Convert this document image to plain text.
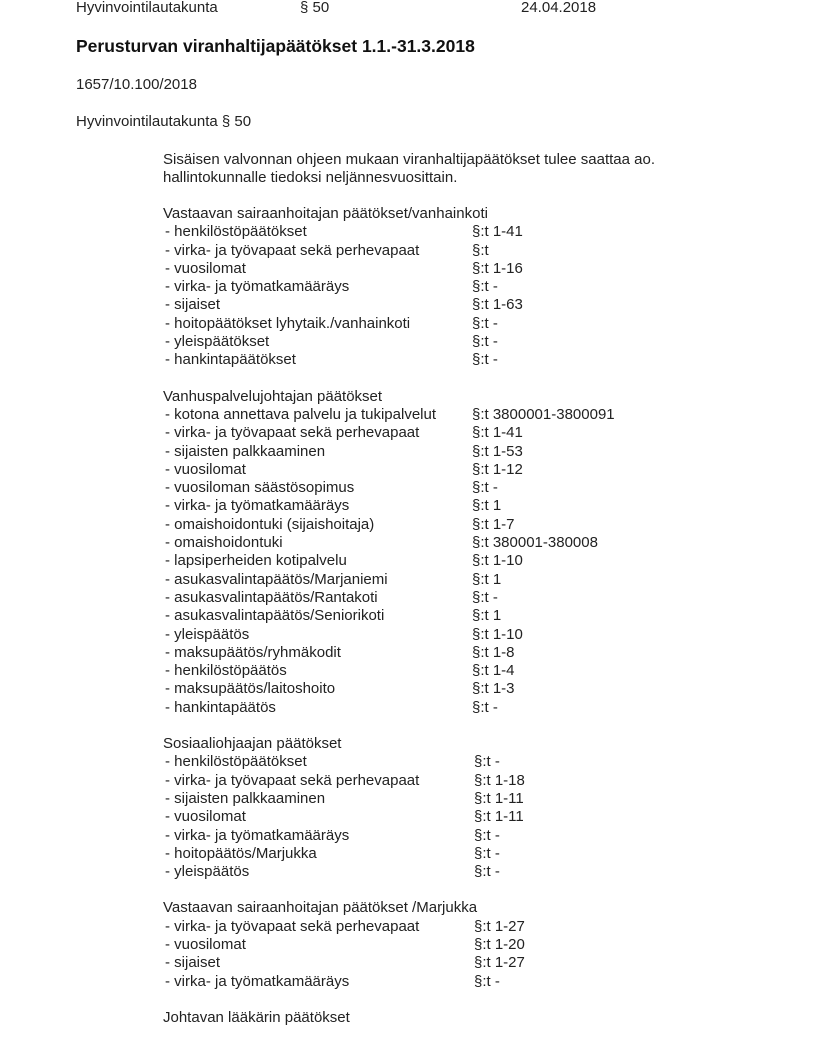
Hyvinvointilautakunta	§ 50	24.04.2018
Perusturvan viranhaltijapäätökset 1.1.-31.3.2018
1657/10.100/2018
Hyvinvointilautakunta § 50

Sisäisen valvonnan ohjeen mukaan viranhaltijapäätökset tulee saattaa ao. hallintokunnalle tiedoksi neljännesvuosittain.

Vastaavan sairaanhoitajan päätökset/vanhainkoti
- henkilöstöpäätökset	§:t 1-41
- virka- ja työvapaat sekä perhevapaat	§:t
- vuosilomat	§:t 1-16
- virka- ja työmatkamääräys	§:t -
- sijaiset	§:t 1-63
- hoitopäätökset lyhytaik./vanhainkoti	§:t -
- yleispäätökset	§:t -
- hankintapäätökset	§:t -
Vanhuspalvelujohtajan päätökset
- kotona annettava palvelu ja tukipalvelut §:t 3800001-3800091
- virka- ja työvapaat sekä perhevapaat	§:t 1-41
- sijaisten palkkaaminen	§:t 1-53
- vuosilomat	§:t 1-12
- vuosiloman säästösopimus	§:t -
- virka- ja työmatkamääräys	§:t 1
- omaishoidontuki (sijaishoitaja)	§:t 1-7
- omaishoidontuki	§:t 380001-380008
- lapsiperheiden kotipalvelu	§:t 1-10
- asukasvalintapäätös/Marjaniemi	§:t 1
- asukasvalintapäätös/Rantakoti	§:t -
- asukasvalintapäätös/Seniorikoti	§:t 1
- yleispäätös	§:t 1-10
- maksupäätös/ryhmäkodit	§:t 1-8
- henkilöstöpäätös	§:t 1-4
- maksupäätös/laitoshoito	§:t 1-3
- hankintapäätös	§:t -
Sosiaaliohjaajan päätökset
- henkilöstöpäätökset	§:t -
- virka- ja työvapaat sekä perhevapaat	§:t 1-18
- sijaisten palkkaaminen	§:t 1-11
- vuosilomat	§:t 1-11
- virka- ja työmatkamääräys	§:t -
- hoitopäätös/Marjukka	§:t -
- yleispäätös	§:t -
Vastaavan sairaanhoitajan päätökset /Marjukka
- virka- ja työvapaat sekä perhevapaat	§:t 1-27
- vuosilomat	§:t 1-20
- sijaiset	§:t 1-27
- virka- ja työmatkamääräys	§:t -
Johtavan lääkärin päätökset
